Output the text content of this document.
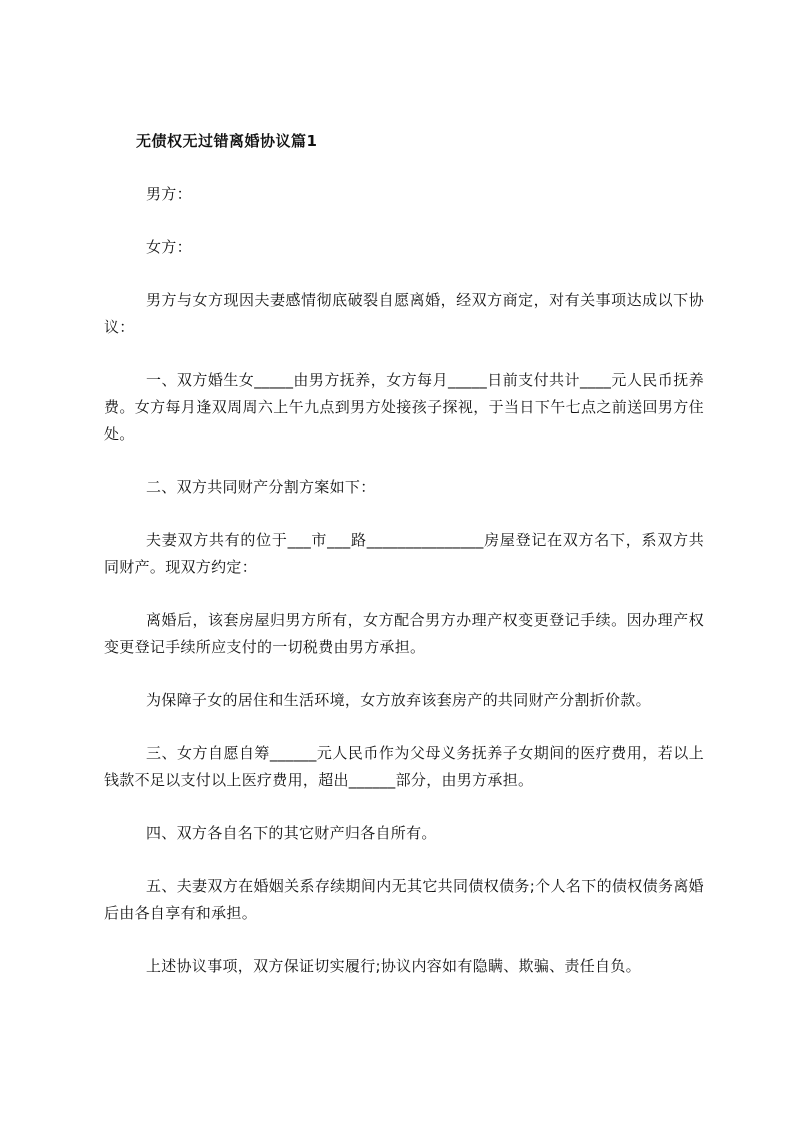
无债权无过错离婚协议篇1

男方：

女方：

男方与女方现因夫妻感情彻底破裂自愿离婚，经双方商定，对有关事项达成以下协议：

一、双方婚生女_____由男方抚养，女方每月_____日前支付共计____元人民币抚养费。女方每月逢双周周六上午九点到男方处接孩子探视，于当日下午七点之前送回男方住处。

二、双方共同财产分割方案如下：

夫妻双方共有的位于___市___路_______________房屋登记在双方名下，系双方共同财产。现双方约定：

离婚后，该套房屋归男方所有，女方配合男方办理产权变更登记手续。因办理产权变更登记手续所应支付的一切税费由男方承担。

为保障子女的居住和生活环境，女方放弃该套房产的共同财产分割折价款。

三、女方自愿自筹______元人民币作为父母义务抚养子女期间的医疗费用，若以上钱款不足以支付以上医疗费用，超出______部分，由男方承担。

四、双方各自名下的其它财产归各自所有。

五、夫妻双方在婚姻关系存续期间内无其它共同债权债务;个人名下的债权债务离婚后由各自享有和承担。

上述协议事项，双方保证切实履行;协议内容如有隐瞒、欺骗、责任自负。
